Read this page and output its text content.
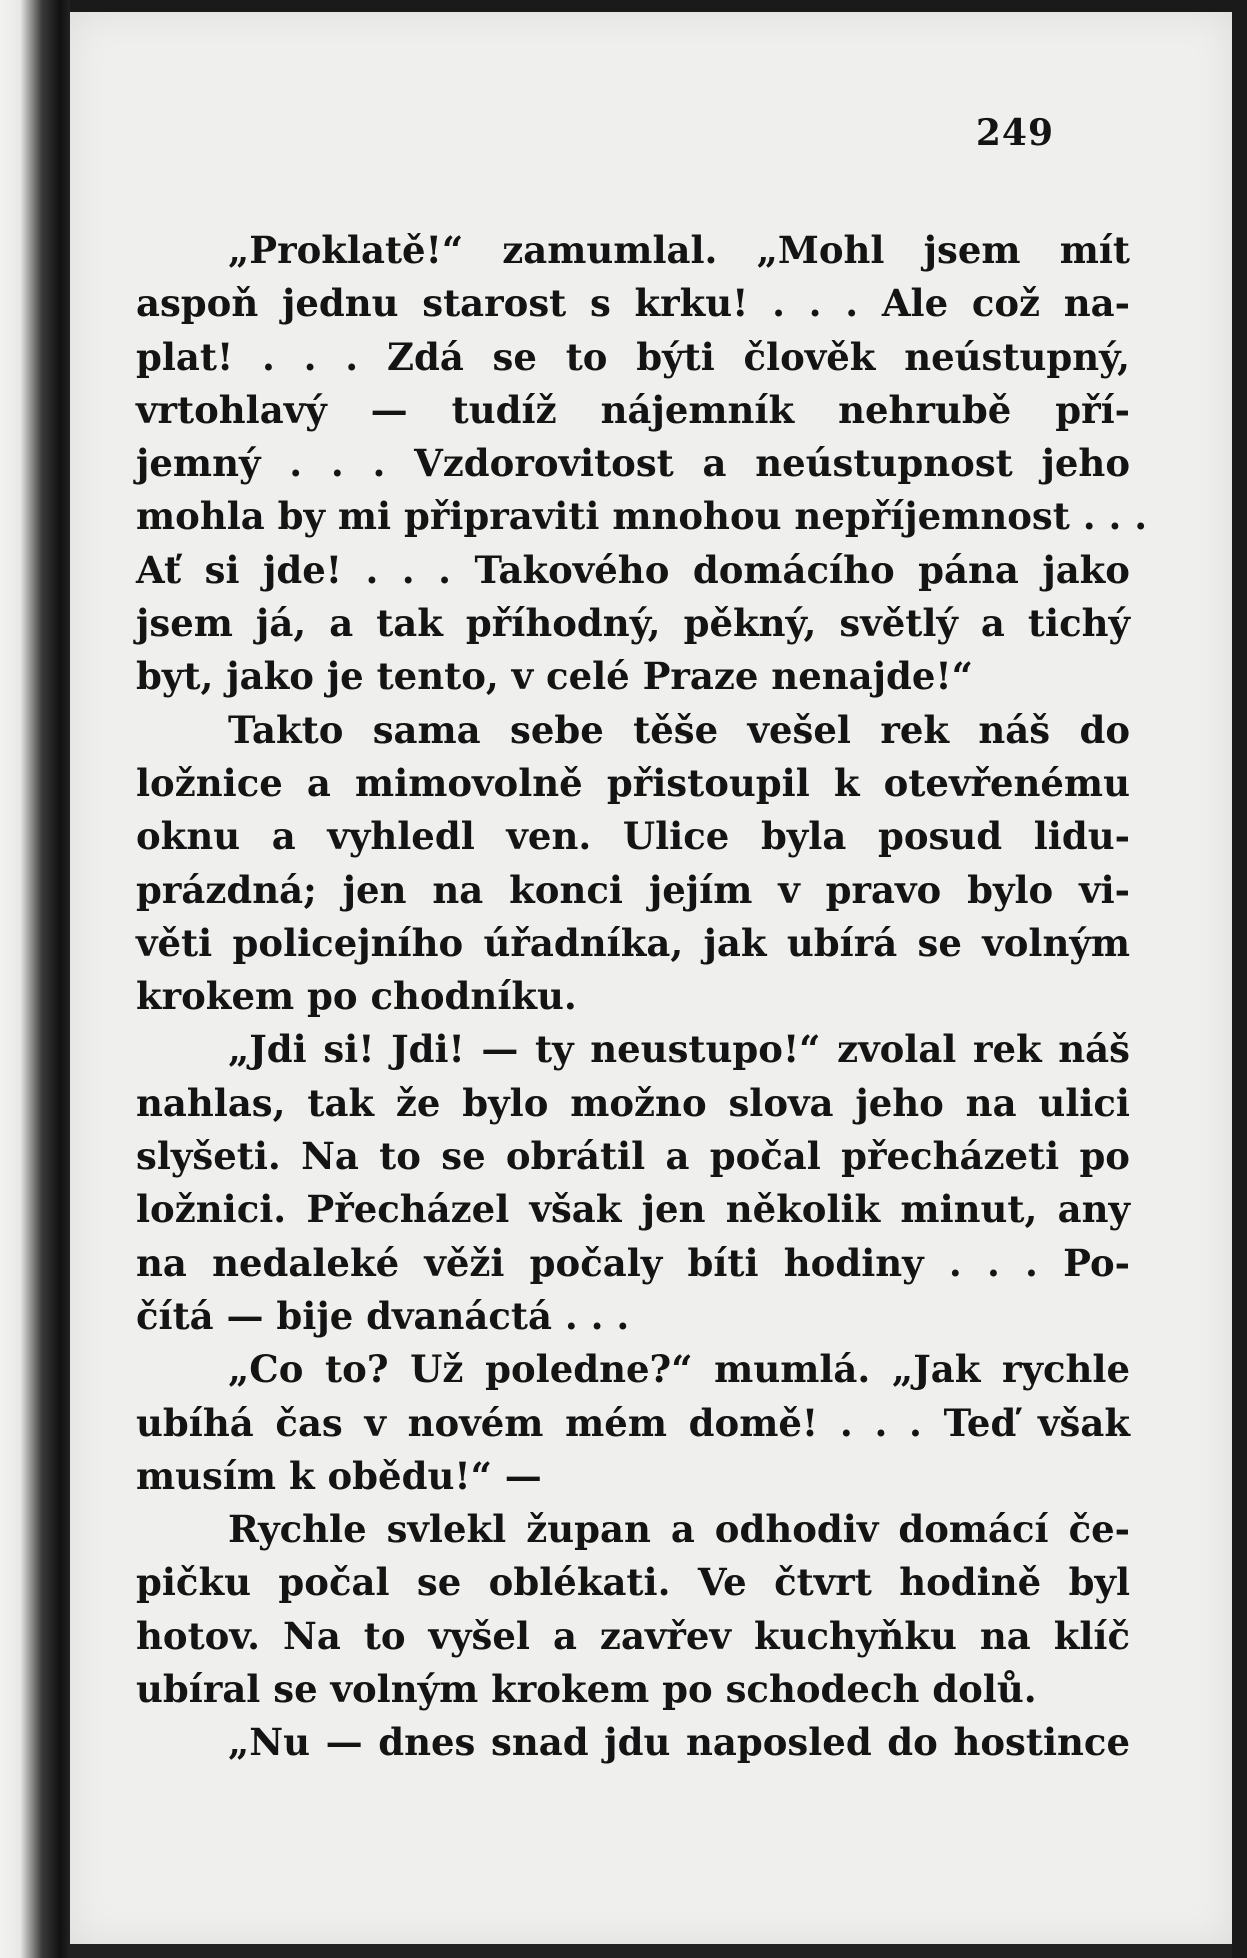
249
„Proklatě!“ zamumlal. „Mohl jsem mít
aspoň jednu starost s krku! . . . Ale což na-
plat! . . . Zdá se to býti člověk neústupný,
vrtohlavý — tudíž nájemník nehrubě pří-
jemný . . . Vzdorovitost a neústupnost jeho
mohla by mi připraviti mnohou nepříjemnost . . .
Ať si jde! . . . Takového domácího pána jako
jsem já, a tak příhodný, pěkný, světlý a tichý
byt, jako je tento, v celé Praze nenajde!“
Takto sama sebe těše vešel rek náš do
ložnice a mimovolně přistoupil k otevřenému
oknu a vyhledl ven. Ulice byla posud lidu-
prázdná; jen na konci jejím v pravo bylo vi-
věti policejního úřadníka, jak ubírá se volným
krokem po chodníku.
„Jdi si! Jdi! — ty neustupo!“ zvolal rek náš
nahlas, tak že bylo možno slova jeho na ulici
slyšeti. Na to se obrátil a počal přecházeti po
ložnici. Přecházel však jen několik minut, any
na nedaleké věži počaly bíti hodiny . . . Po-
čítá — bije dvanáctá . . .
„Co to? Už poledne?“ mumlá. „Jak rychle
ubíhá čas v novém mém domě! . . . Teď však
musím k obědu!“ —
Rychle svlekl župan a odhodiv domácí če-
pičku počal se oblékati. Ve čtvrt hodině byl
hotov. Na to vyšel a zavřev kuchyňku na klíč
ubíral se volným krokem po schodech dolů.
„Nu — dnes snad jdu naposled do hostince
